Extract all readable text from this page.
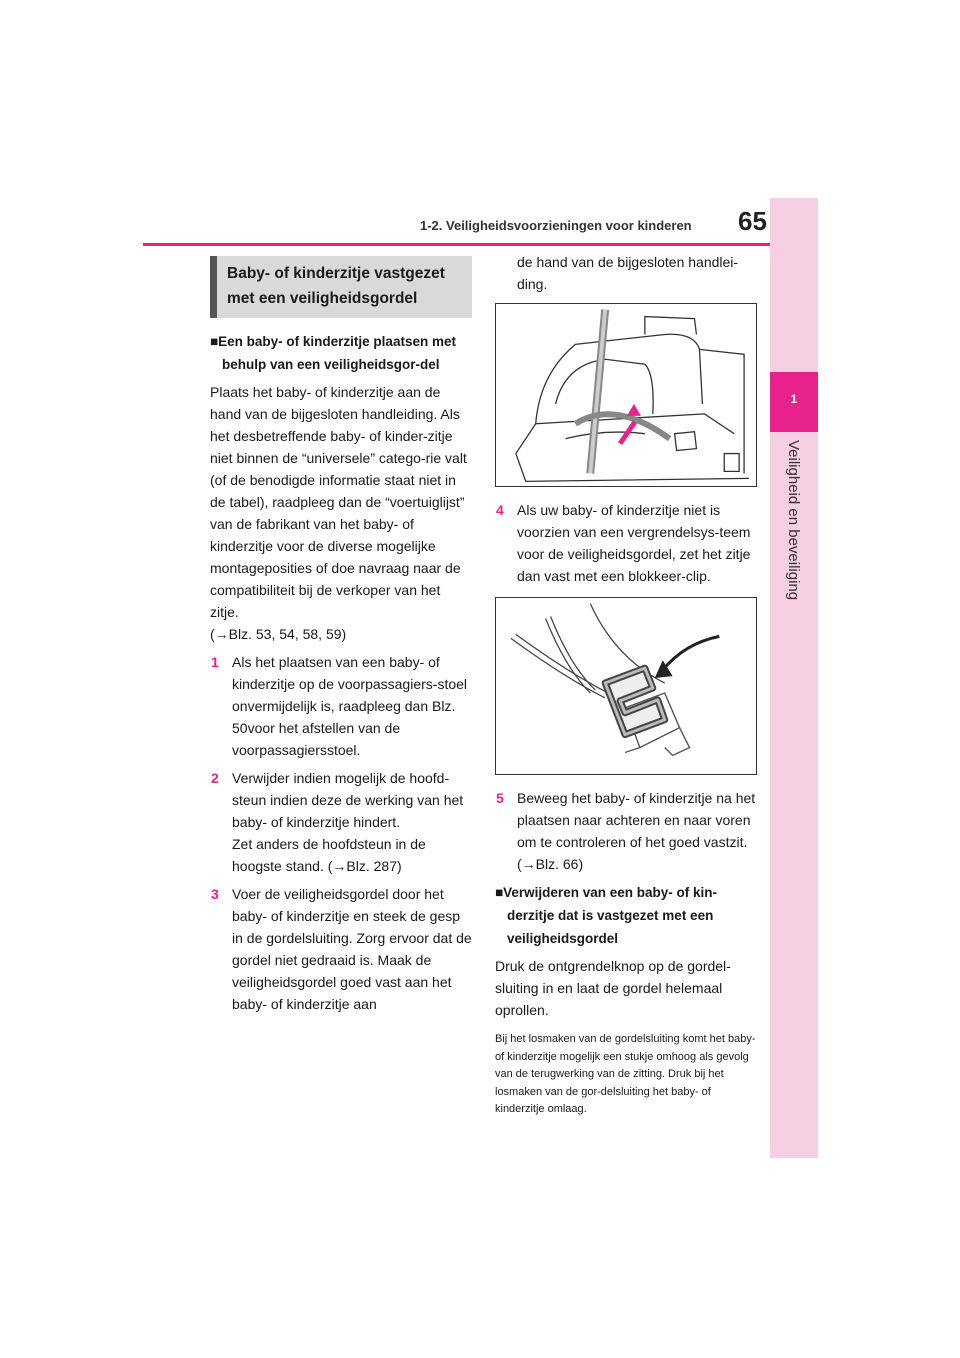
1-2. Veiligheidsvoorzieningen voor kinderen	65
1
Veiligheid en beveiliging
Baby- of kinderzitje vastgezet met een veiligheidsgordel
■Een baby- of kinderzitje plaatsen met behulp van een veiligheidsgor-del

Plaats het baby- of kinderzitje aan de hand van de bijgesloten handleiding. Als het desbetreffende baby- of kinder-zitje niet binnen de “universele” catego-rie valt (of de benodigde informatie staat niet in de tabel), raadpleeg dan de “voertuiglijst” van de fabrikant van het baby- of kinderzitje voor de diverse mogelijke montageposities of doe navraag naar de compatibiliteit bij de verkoper van het zitje.
(→Blz. 53, 54, 58, 59)

1 Als het plaatsen van een baby- of kinderzitje op de voorpassagiers-stoel onvermijdelijk is, raadpleeg dan Blz. 50voor het afstellen van de voorpassagiersstoel.
2 Verwijder indien mogelijk de hoofd-steun indien deze de werking van het baby- of kinderzitje hindert.
Zet anders de hoofdsteun in de hoogste stand. (→Blz. 287)
3 Voer de veiligheidsgordel door het baby- of kinderzitje en steek de gesp in de gordelsluiting. Zorg ervoor dat de gordel niet gedraaid is. Maak de veiligheidsgordel goed vast aan het baby- of kinderzitje aan

de hand van de bijgesloten handlei-ding.

4 Als uw baby- of kinderzitje niet is voorzien van een vergrendelsys-teem voor de veiligheidsgordel, zet het zitje dan vast met een blokkeer-clip.
5 Beweeg het baby- of kinderzitje na het plaatsen naar achteren en naar voren om te controleren of het goed vastzit. (→Blz. 66)
■Verwijderen van een baby- of kin-derzitje dat is vastgezet met een veiligheidsgordel

Druk de ontgrendelknop op de gordel-sluiting in en laat de gordel helemaal oprollen.

Bij het losmaken van de gordelsluiting komt het baby- of kinderzitje mogelijk een stukje omhoog als gevolg van de terugwerking van de zitting. Druk bij het losmaken van de gor-delsluiting het baby- of kinderzitje omlaag.
